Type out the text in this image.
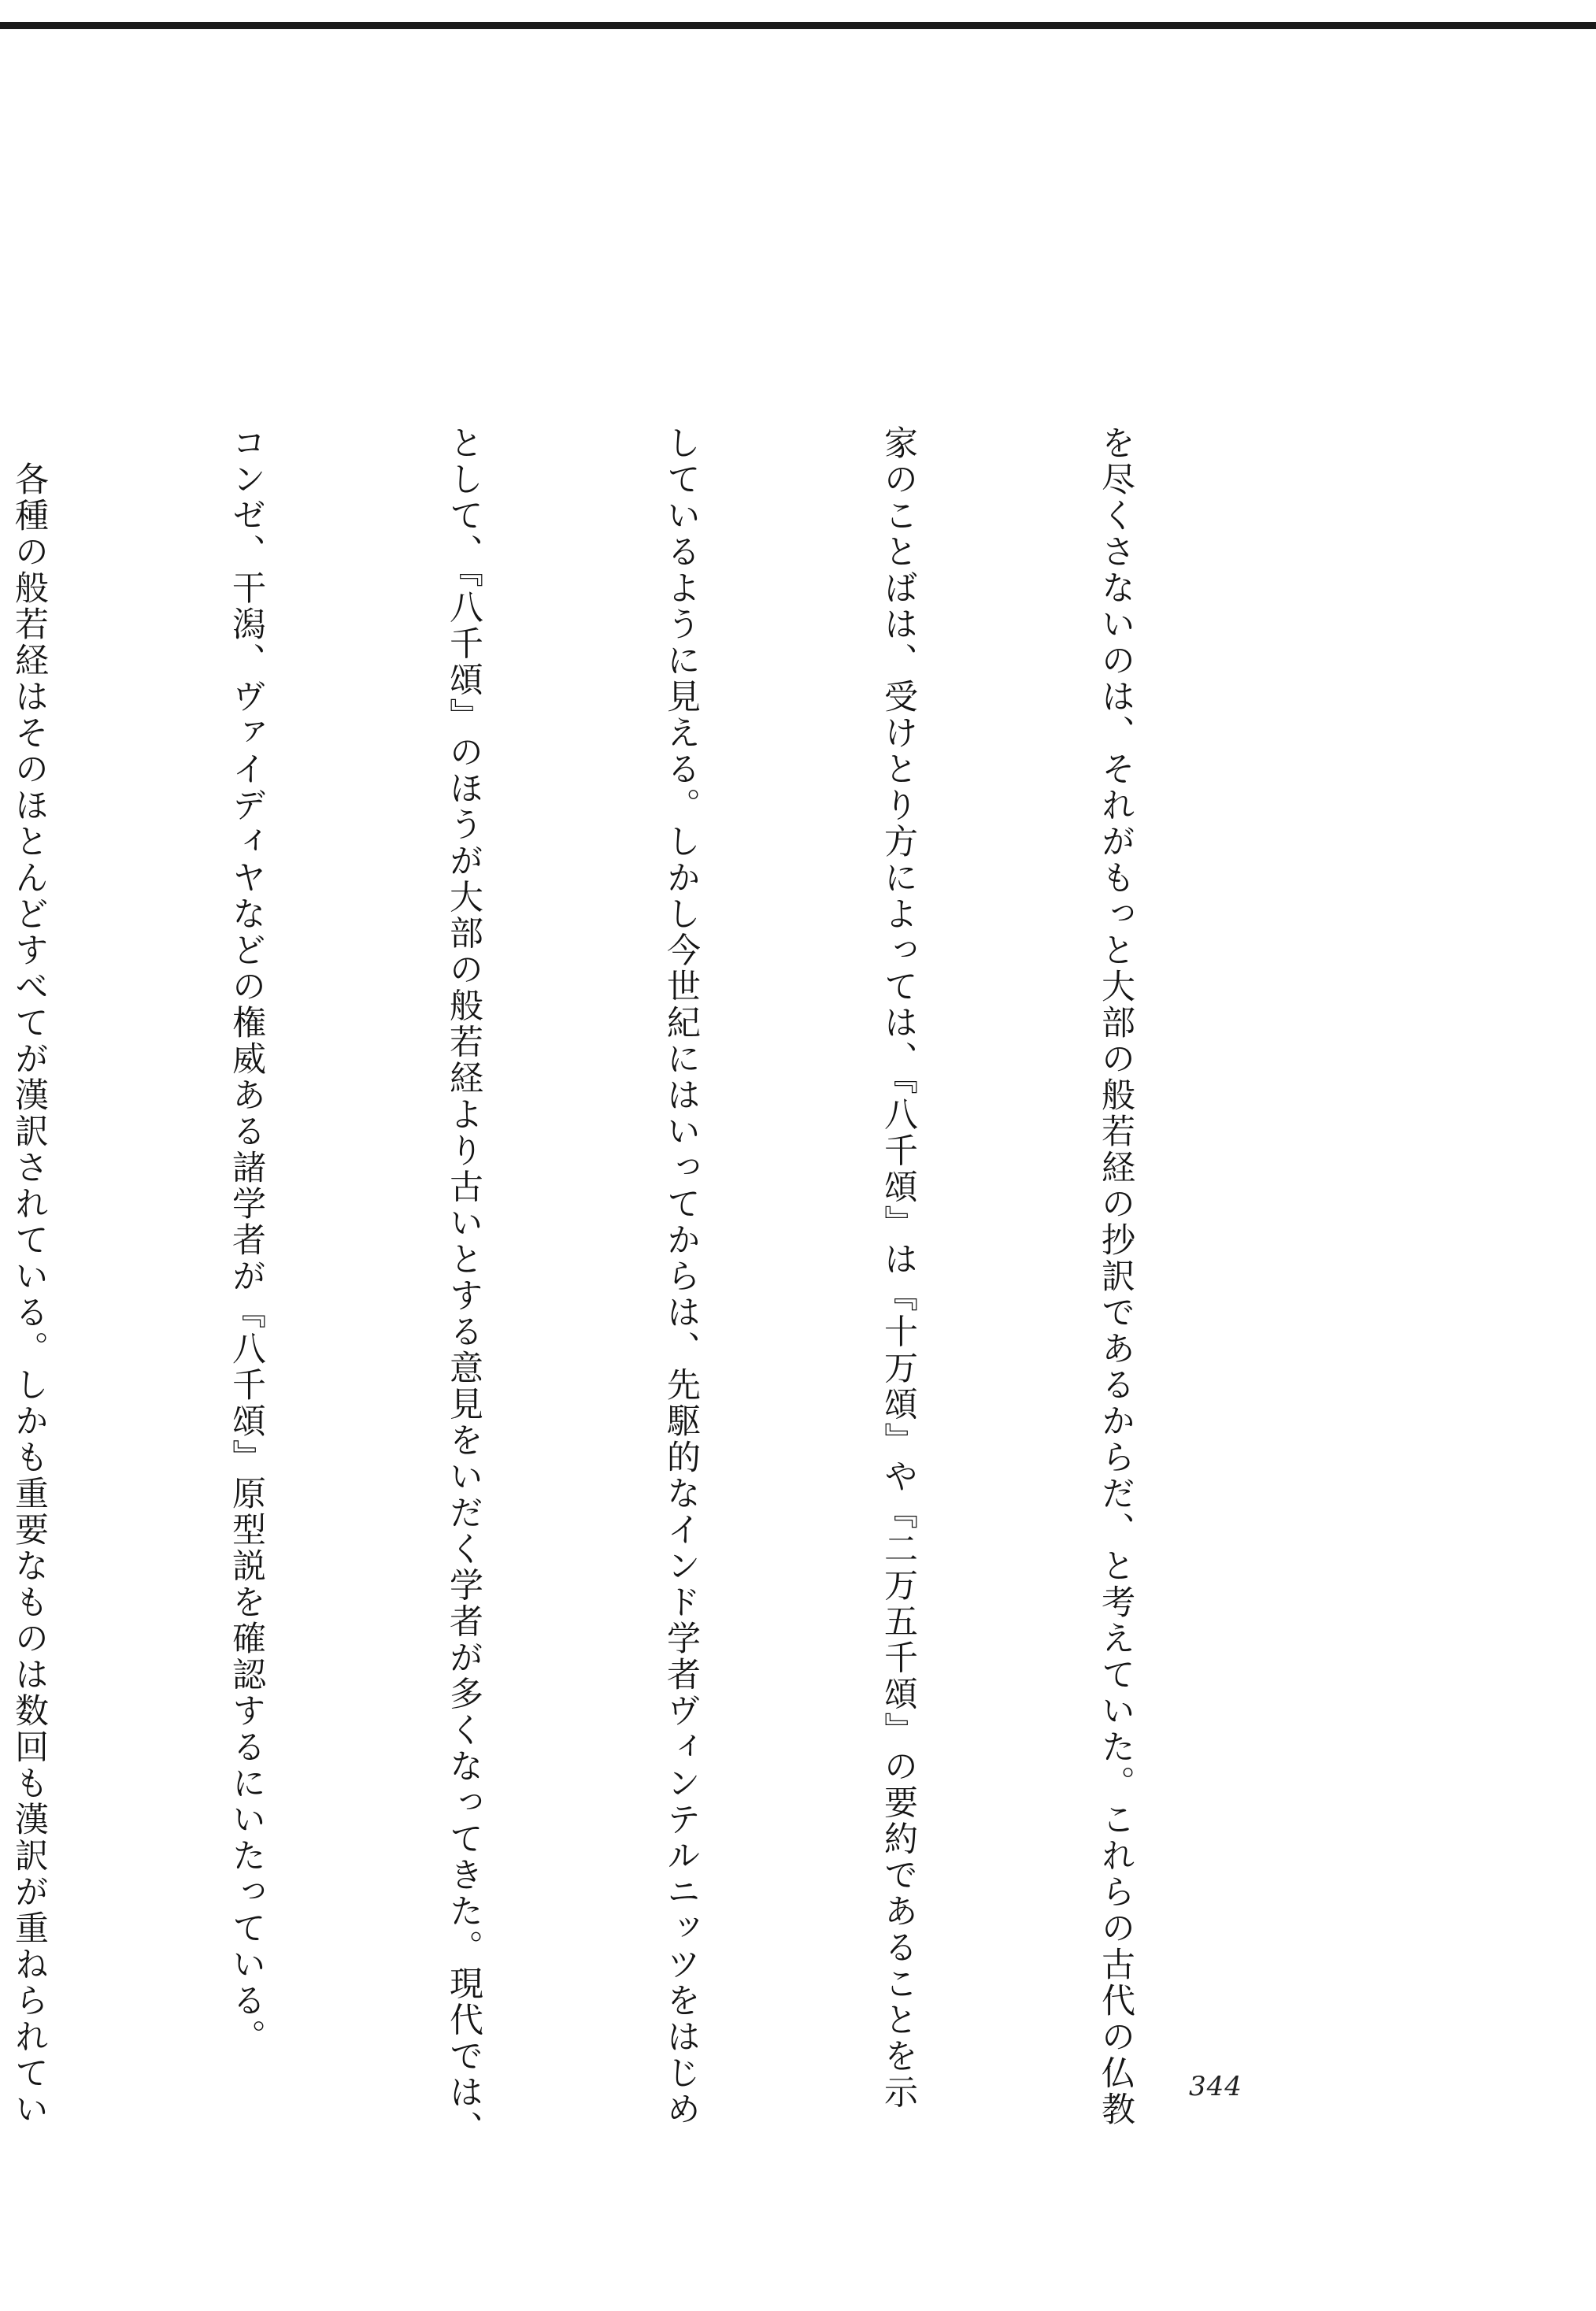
を尽くさないのは、それがもっと大部の般若経の抄訳であるからだ、と考えていた。これらの古代の仏教

家のことばは、受けとり方によっては、『八千頌』は『十万頌』や『二万五千頌』の要約であることを示

しているように見える。しかし今世紀にはいってからは、先駆的なインド学者ヴィンテルニッツをはじめ

として、『八千頌』のほうが大部の般若経より古いとする意見をいだく学者が多くなってきた。現代では、

コンゼ、干潟、ヴァイディヤなどの権威ある諸学者が『八千頌』原型説を確認するにいたっている。

　各種の般若経はそのほとんどすべてが漢訳されている。しかも重要なものは数回も漢訳が重ねられてい

	344
